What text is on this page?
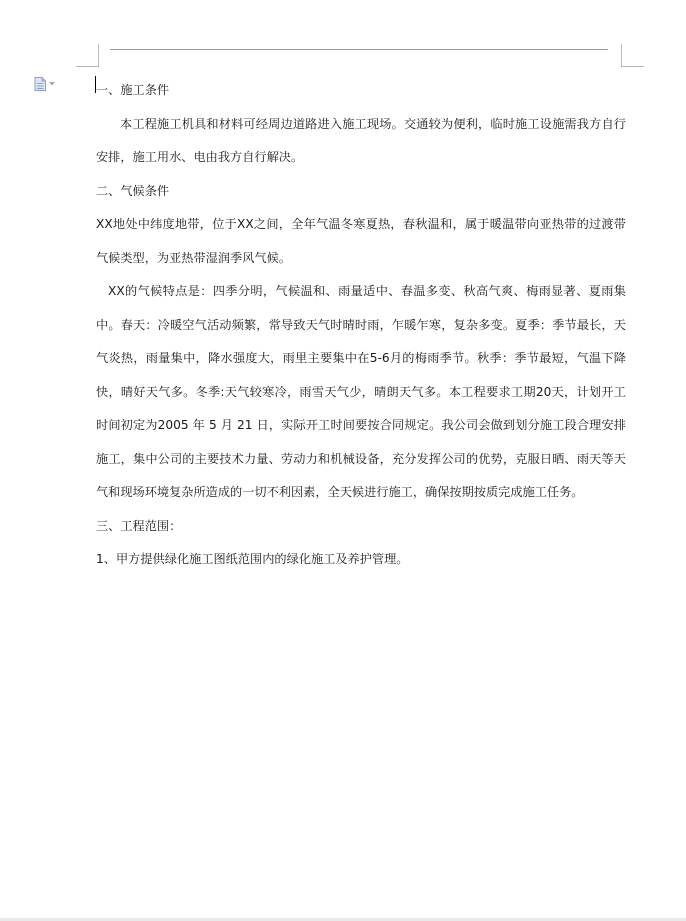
一、施工条件

本工程施工机具和材料可经周边道路进入施工现场。交通较为便利，临时施工设施需我方自行安排，施工用水、电由我方自行解决。

二、气候条件

XX地处中纬度地带，位于XX之间，全年气温冬寒夏热，春秋温和，属于暖温带向亚热带的过渡带气候类型，为亚热带湿润季风气候。

XX的气候特点是：四季分明，气候温和、雨量适中、春温多变、秋高气爽、梅雨显著、夏雨集中。春天：冷暖空气活动频繁，常导致天气时晴时雨，乍暖乍寒，复杂多变。夏季：季节最长，天气炎热，雨量集中，降水强度大，雨里主要集中在5-6月的梅雨季节。秋季：季节最短，气温下降快，晴好天气多。冬季:天气较寒冷，雨雪天气少，晴朗天气多。本工程要求工期20天，计划开工时间初定为2005 年 5 月 21 日，实际开工时间要按合同规定。我公司会做到划分施工段合理安排施工，集中公司的主要技术力量、劳动力和机械设备，充分发挥公司的优势，克服日晒、雨天等天气和现场环境复杂所造成的一切不利因素，全天候进行施工，确保按期按质完成施工任务。

三、工程范围：

1、甲方提供绿化施工图纸范围内的绿化施工及养护管理。
